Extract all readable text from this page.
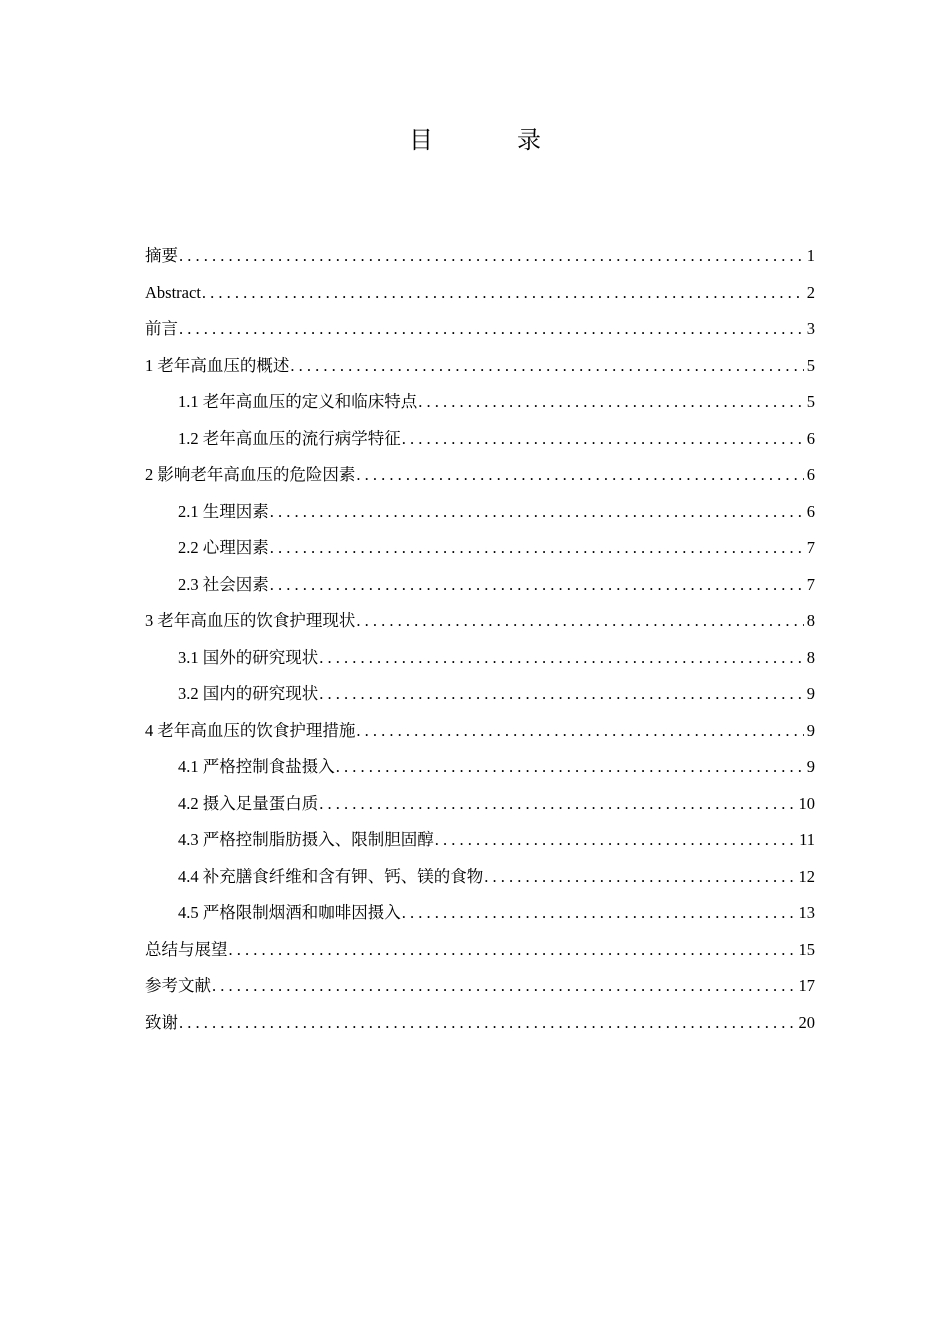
目　录
摘要 . . .	1
Abstract . . .	2
前言 . . .	3
1 老年高血压的概述 . . .	5
1.1 老年高血压的定义和临床特点 . . .	5
1.2 老年高血压的流行病学特征 . . .	6
2 影响老年高血压的危险因素 . . .	6
2.1 生理因素 . . .	6
2.2 心理因素 . . .	7
2.3 社会因素 . . .	7
3 老年高血压的饮食护理现状 . . .	8
3.1 国外的研究现状 . . .	8
3.2 国内的研究现状 . . .	9
4 老年高血压的饮食护理措施 . . .	9
4.1 严格控制食盐摄入 . . .	9
4.2 摄入足量蛋白质 . . .	10
4.3 严格控制脂肪摄入、限制胆固醇 . . .	11
4.4 补充膳食纤维和含有钾、钙、镁的食物 . . .	12
4.5 严格限制烟酒和咖啡因摄入 . . .	13
总结与展望 . . .	15
参考文献 . . .	17
致谢 . . .	20
